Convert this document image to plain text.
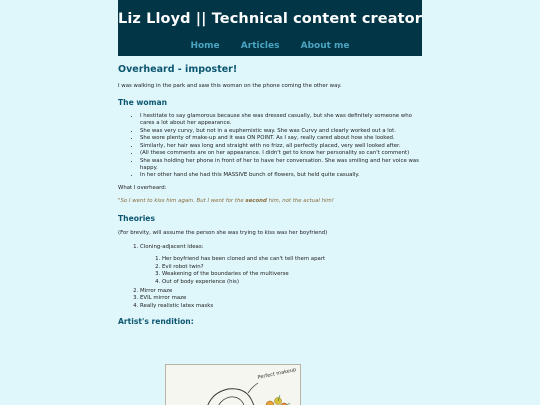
Liz Lloyd || Technical content creator
Home Articles About me
Overheard - imposter!

I was walking in the park and saw this woman on the phone coming the other way.

The woman
• I hestitate to say glamorous because she was dressed casually, but she was definitely someone who cares a lot about her appearance.
• She was very curvy, but not in a euphemistic way. She was Curvy and clearly worked out a lot.
• She wore plenty of make-up and it was ON POINT. As I say, really cared about how she looked.
• Similarly, her hair was long and straight with no frizz, all perfectly placed, very well looked after.
• (All these comments are on her appearance. I didn't get to know her personality so can't comment)
• She was holding her phone in front of her to have her conversation. She was smiling and her voice was happy.
• In her other hand she had this MASSIVE bunch of flowers, but held quite casually.

What I overheard:

"So I went to kiss him again. But I went for the second him, not the actual him!

Theories

(For brevity, will assume the person she was trying to kiss was her boyfriend)

1. Cloning-adjacent ideas:
1. Her boyfriend has been cloned and she can't tell them apart
2. Evil robot twin?
3. Weakening of the boundaries of the multiverse
4. Out of body experience (his)
2. Mirror maze
3. EVIL mirror maze
4. Really realistic latex masks
Artist's rendition:
Perfect makeup
